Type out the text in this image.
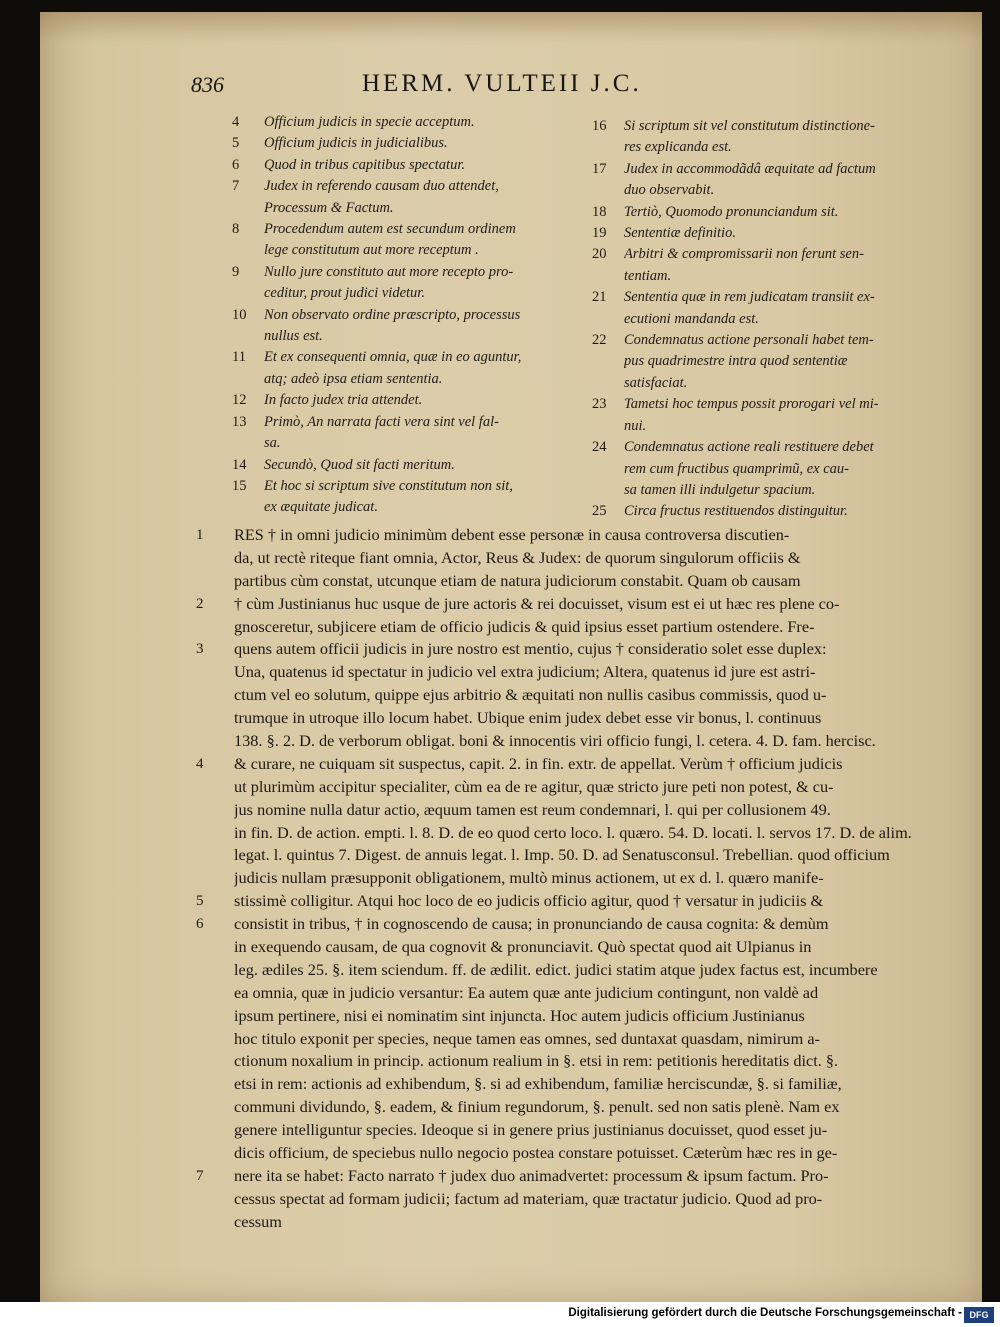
836	HERM. VULTEII J.C.
4	Officium judicis in specie acceptum.
5	Officium judicis in judicialibus.
6	Quod in tribus capitibus spectatur.
7	Judex in referendo causam duo attendet,
Processum & Factum.
8	Procedendum autem est secundum ordinem
lege constitutum aut more receptum .
9	Nullo jure constituto aut more recepto pro-
ceditur, prout judici videtur.
10	Non observato ordine præscripto, processus
nullus est.
11	Et ex consequenti omnia, quæ in eo aguntur,
atq; adeò ipsa etiam sententia.
12	In facto judex tria attendet.
13	Primò, An narrata facti vera sint vel fal-
sa.
14	Secundò, Quod sit facti meritum.
15	Et hoc si scriptum sive constitutum non sit,
ex æquitate judicat.
16	Si scriptum sit vel constitutum distinctione-
res explicanda est.
17	Judex in accommodãdâ æquitate ad factum
duo observabit.
18	Tertiò, Quomodo pronunciandum sit.
19	Sententiæ definitio.
20	Arbitri & compromissarii non ferunt sen-
tentiam.
21	Sententia quæ in rem judicatam transiit ex-
ecutioni mandanda est.
22	Condemnatus actione personali habet tem-
pus quadrimestre intra quod sententiæ
satisfaciat.
23	Tametsi hoc tempus possit prorogari vel mi-
nui.
24	Condemnatus actione reali restituere debet
rem cum fructibus quamprimũ, ex cau-
sa tamen illi indulgetur spacium.
25	Circa fructus restituendos distinguitur.
1	RES † in omni judicio minimùm debent esse personæ in causa controversa discutien-
da, ut rectè riteque fiant omnia, Actor, Reus & Judex: de quorum singulorum officiis &
partibus cùm constat, utcunque etiam de natura judiciorum constabit. Quam ob causam
2	† cùm Justinianus huc usque de jure actoris & rei docuisset, visum est ei ut hæc res plene co-
gnosceretur, subjicere etiam de officio judicis & quid ipsius esset partium ostendere. Fre-
3	quens autem officii judicis in jure nostro est mentio, cujus † consideratio solet esse duplex:
Una, quatenus id spectatur in judicio vel extra judicium; Altera, quatenus id jure est astri-
ctum vel eo solutum, quippe ejus arbitrio & æquitati non nullis casibus commissis, quod u-
trumque in utroque illo locum habet. Ubique enim judex debet esse vir bonus, l. continuus
138. §. 2. D. de verborum obligat. boni & innocentis viri officio fungi, l. cetera. 4. D. fam. hercisc.
4	& curare, ne cuiquam sit suspectus, capit. 2. in fin. extr. de appellat. Verùm † officium judicis
ut plurimùm accipitur specialiter, cùm ea de re agitur, quæ stricto jure peti non potest, & cu-
jus nomine nulla datur actio, æquum tamen est reum condemnari, l. qui per collusionem 49.
in fin. D. de action. empti. l. 8. D. de eo quod certo loco. l. quæro. 54. D. locati. l. servos 17. D. de alim.
legat. l. quintus 7. Digest. de annuis legat. l. Imp. 50. D. ad Senatusconsul. Trebellian. quod officium
judicis nullam præsupponit obligationem, multò minus actionem, ut ex d. l. quæro manife-
5	stissimè colligitur. Atqui hoc loco de eo judicis officio agitur, quod † versatur in judiciis &
6	consistit in tribus, † in cognoscendo de causa; in pronunciando de causa cognita: & demùm
in exequendo causam, de qua cognovit & pronunciavit. Quò spectat quod ait Ulpianus in
leg. ædiles 25. §. item sciendum. ff. de ædilit. edict. judici statim atque judex factus est, incumbere
ea omnia, quæ in judicio versantur: Ea autem quæ ante judicium contingunt, non valdè ad
ipsum pertinere, nisi ei nominatim sint injuncta. Hoc autem judicis officium Justinianus
hoc titulo exponit per species, neque tamen eas omnes, sed duntaxat quasdam, nimirum a-
ctionum noxalium in princip. actionum realium in §. etsi in rem: petitionis hereditatis dict. §.
etsi in rem: actionis ad exhibendum, §. si ad exhibendum, familiæ herciscundæ, §. si familiæ,
communi dividundo, §. eadem, & finium regundorum, §. penult. sed non satis plenè. Nam ex
genere intelliguntur species. Ideoque si in genere prius justinianus docuisset, quod esset ju-
dicis officium, de speciebus nullo negocio postea constare potuisset. Cæterùm hæc res in ge-
7	nere ita se habet: Facto narrato † judex duo animadvertet: processum & ipsum factum. Pro-
cessus spectat ad formam judicii; factum ad materiam, quæ tractatur judicio. Quod ad pro-
cessum
Digitalisierung gefördert durch die Deutsche Forschungsgemeinschaft - DFG
